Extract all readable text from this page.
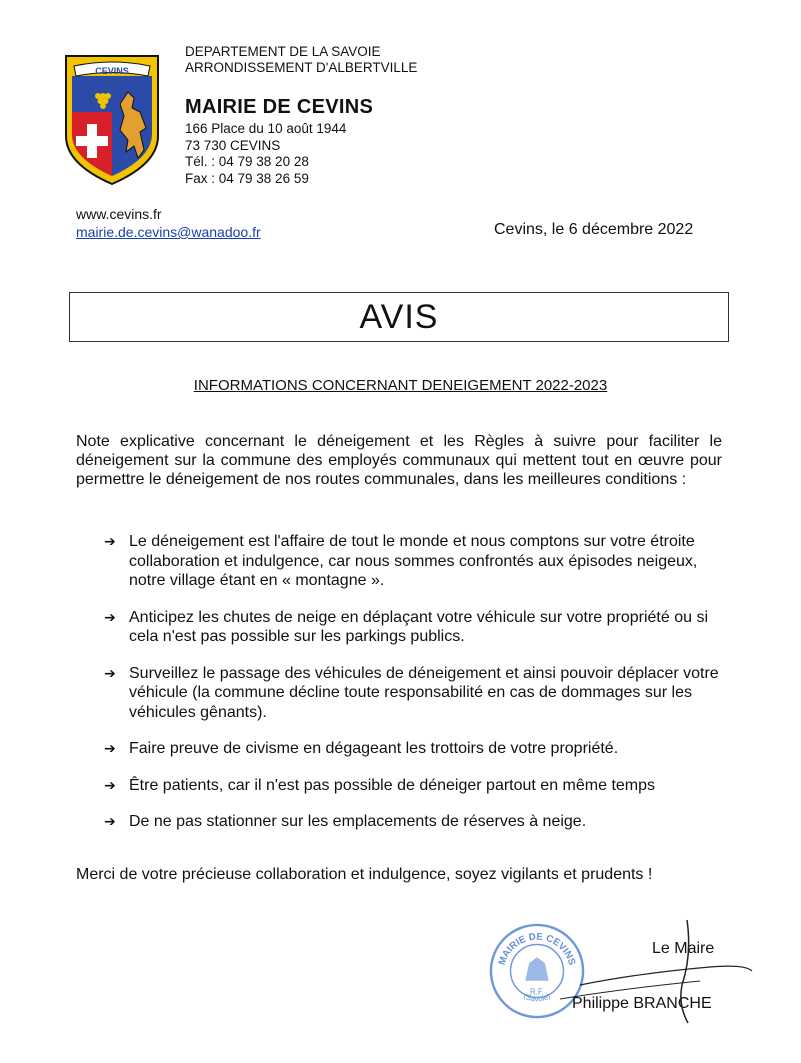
CEVINS
DEPARTEMENT DE LA SAVOIE
ARRONDISSEMENT D'ALBERTVILLE
MAIRIE DE CEVINS
166 Place du 10 août 1944
73 730 CEVINS
Tél. : 04 79 38 20 28
Fax : 04 79 38 26 59
www.cevins.fr
mairie.de.cevins@wanadoo.fr	Cevins, le 6 décembre 2022
AVIS
INFORMATIONS CONCERNANT DENEIGEMENT 2022-2023
Note explicative concernant le déneigement et les Règles à suivre pour faciliter le déneigement sur la commune des employés communaux qui mettent tout en œuvre pour permettre le déneigement de nos routes communales, dans les meilleures conditions :
➔ Le déneigement est l'affaire de tout le monde et nous comptons sur votre étroite collaboration et indulgence, car nous sommes confrontés aux épisodes neigeux, notre village étant en « montagne ».
➔ Anticipez les chutes de neige en déplaçant votre véhicule sur votre propriété ou si cela n'est pas possible sur les parkings publics.
➔ Surveillez le passage des véhicules de déneigement et ainsi pouvoir déplacer votre véhicule (la commune décline toute responsabilité en cas de dommages sur les véhicules gênants).
➔ Faire preuve de civisme en dégageant les trottoirs de votre propriété.
➔ Être patients, car il n'est pas possible de déneiger partout en même temps
➔ De ne pas stationner sur les emplacements de réserves à neige.
Merci de votre précieuse collaboration et indulgence, soyez vigilants et prudents !
MAIRIE DE CEVINS
R.F.
(Savoie)
Le Maire
Philippe BRANCHE
